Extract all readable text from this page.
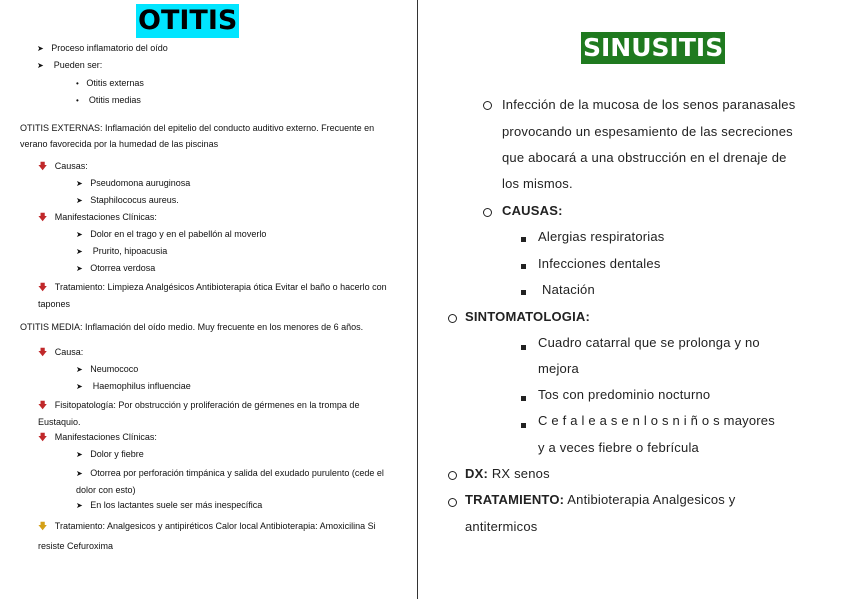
OTITIS
➤ Proceso inflamatorio del oído
➤ Pueden ser:
• Otitis externas
• Otitis medias
OTITIS EXTERNAS: Inflamación del epitelio del conducto auditivo externo. Frecuente en verano favorecida por la humedad de las piscinas
🡇 Causas:
➤ Pseudomona auruginosa
➤ Staphilococus aureus.
🡇 Manifestaciones Clínicas:
➤ Dolor en el trago y en el pabellón al moverlo
➤ Prurito, hipoacusia
➤ Otorrea verdosa
🡇 Tratamiento: Limpieza Analgésicos Antibioterapia ótica Evitar el baño o hacerlo con tapones
OTITIS MEDIA: Inflamación del oído medio. Muy frecuente en los menores de 6 años.
🡇 Causa:
➤ Neumococo
➤ Haemophilus influenciae
🡇 Fisitopatología: Por obstrucción y proliferación de gérmenes en la trompa de Eustaquio.
🡇 Manifestaciones Clínicas:
➤ Dolor y fiebre
➤ Otorrea por perforación timpánica y salida del exudado purulento (cede el dolor con esto)
➤ En los lactantes suele ser más inespecífica
🡇 Tratamiento: Analgesicos y antipiréticos Calor local Antibioterapia: Amoxicilina Si resiste Cefuroxima
SINUSITIS
Infección de la mucosa de los senos paranasales
provocando un espesamiento de las secreciones
que abocará a una obstrucción en el drenaje de
los mismos.
CAUSAS:
Alergias respiratorias
Infecciones dentales
Natación
SINTOMATOLOGIA:
Cuadro catarral que se prolonga y no
mejora
Tos con predominio nocturno
C e f a l e a s e n l o s n i ñ o s mayores
y a veces fiebre o febrícula
DX: RX senos
TRATAMIENTO: Antibioterapia Analgesicos y
antitermicos
